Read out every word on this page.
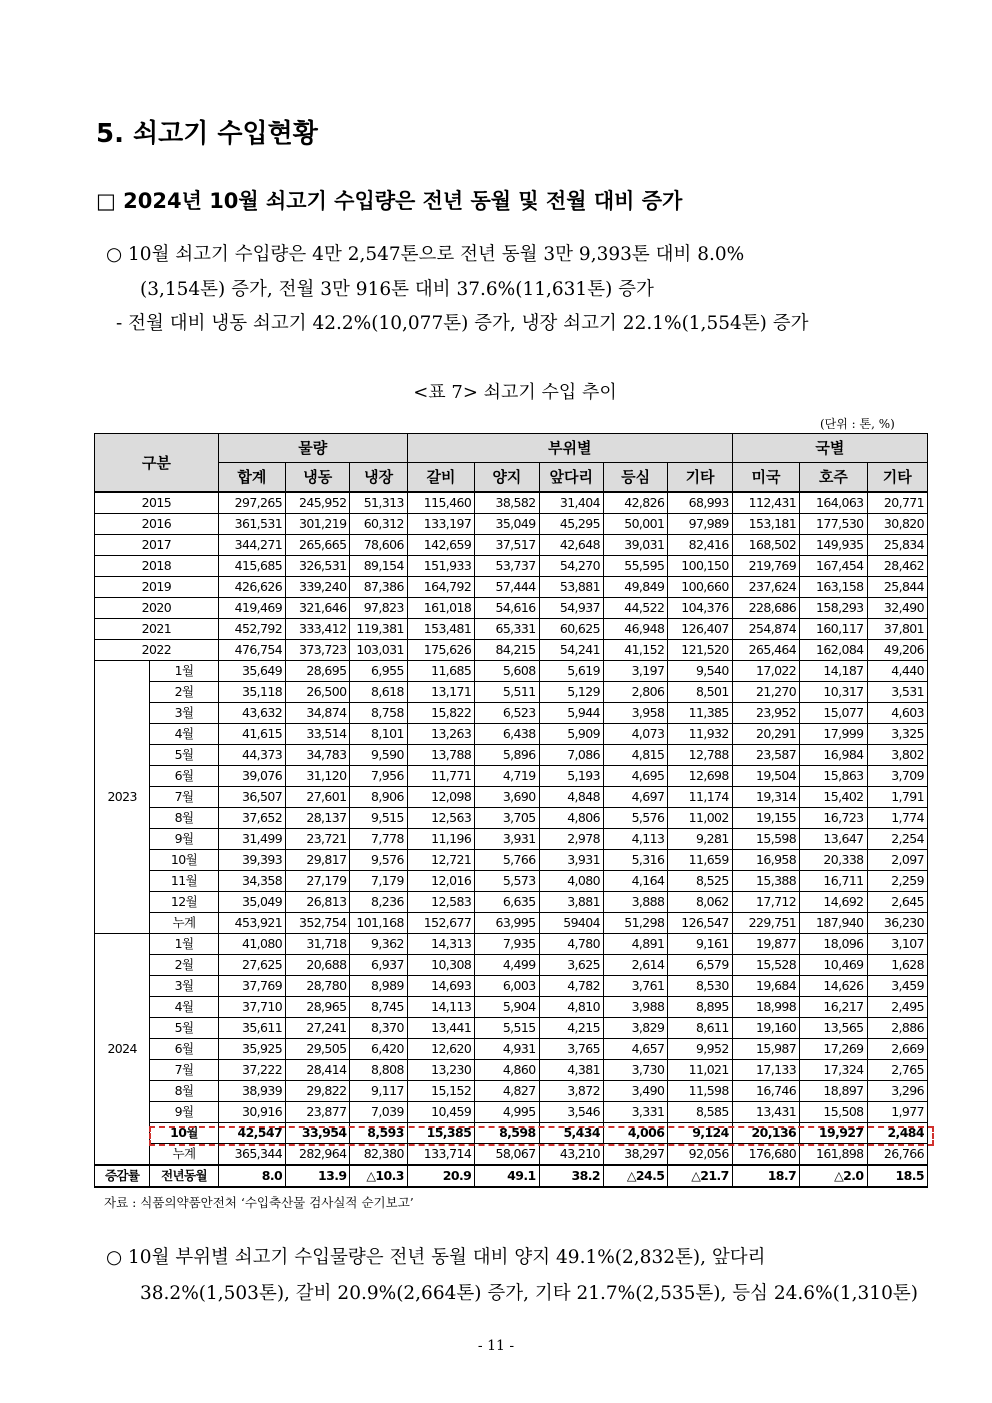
5. 쇠고기 수입현황
□ 2024년 10월 쇠고기 수입량은 전년 동월 및 전월 대비 증가
○ 10월 쇠고기 수입량은 4만 2,547톤으로 전년 동월 3만 9,393톤 대비 8.0%
(3,154톤) 증가, 전월 3만 916톤 대비 37.6%(11,631톤) 증가
- 전월 대비 냉동 쇠고기 42.2%(10,077톤) 증가, 냉장 쇠고기 22.1%(1,554톤) 증가
<표 7> 쇠고기 수입 추이
(단위 : 톤, %)
구분		물량			부위별					국별		
		합계	냉동	냉장	갈비	양지	앞다리	등심	기타	미국	호주	기타
2015		297,265	245,952	51,313	115,460	38,582	31,404	42,826	68,993	112,431	164,063	20,771
2016		361,531	301,219	60,312	133,197	35,049	45,295	50,001	97,989	153,181	177,530	30,820
2017		344,271	265,665	78,606	142,659	37,517	42,648	39,031	82,416	168,502	149,935	25,834
2018		415,685	326,531	89,154	151,933	53,737	54,270	55,595	100,150	219,769	167,454	28,462
2019		426,626	339,240	87,386	164,792	57,444	53,881	49,849	100,660	237,624	163,158	25,844
2020		419,469	321,646	97,823	161,018	54,616	54,937	44,522	104,376	228,686	158,293	32,490
2021		452,792	333,412	119,381	153,481	65,331	60,625	46,948	126,407	254,874	160,117	37,801
2022		476,754	373,723	103,031	175,626	84,215	54,241	41,152	121,520	265,464	162,084	49,206
2023	1월	35,649	28,695	6,955	11,685	5,608	5,619	3,197	9,540	17,022	14,187	4,440
	2월	35,118	26,500	8,618	13,171	5,511	5,129	2,806	8,501	21,270	10,317	3,531
	3월	43,632	34,874	8,758	15,822	6,523	5,944	3,958	11,385	23,952	15,077	4,603
	4월	41,615	33,514	8,101	13,263	6,438	5,909	4,073	11,932	20,291	17,999	3,325
	5월	44,373	34,783	9,590	13,788	5,896	7,086	4,815	12,788	23,587	16,984	3,802
	6월	39,076	31,120	7,956	11,771	4,719	5,193	4,695	12,698	19,504	15,863	3,709
	7월	36,507	27,601	8,906	12,098	3,690	4,848	4,697	11,174	19,314	15,402	1,791
	8월	37,652	28,137	9,515	12,563	3,705	4,806	5,576	11,002	19,155	16,723	1,774
	9월	31,499	23,721	7,778	11,196	3,931	2,978	4,113	9,281	15,598	13,647	2,254
	10월	39,393	29,817	9,576	12,721	5,766	3,931	5,316	11,659	16,958	20,338	2,097
	11월	34,358	27,179	7,179	12,016	5,573	4,080	4,164	8,525	15,388	16,711	2,259
	12월	35,049	26,813	8,236	12,583	6,635	3,881	3,888	8,062	17,712	14,692	2,645
	누계	453,921	352,754	101,168	152,677	63,995	59404	51,298	126,547	229,751	187,940	36,230
2024	1월	41,080	31,718	9,362	14,313	7,935	4,780	4,891	9,161	19,877	18,096	3,107
	2월	27,625	20,688	6,937	10,308	4,499	3,625	2,614	6,579	15,528	10,469	1,628
	3월	37,769	28,780	8,989	14,693	6,003	4,782	3,761	8,530	19,684	14,626	3,459
	4월	37,710	28,965	8,745	14,113	5,904	4,810	3,988	8,895	18,998	16,217	2,495
	5월	35,611	27,241	8,370	13,441	5,515	4,215	3,829	8,611	19,160	13,565	2,886
	6월	35,925	29,505	6,420	12,620	4,931	3,765	4,657	9,952	15,987	17,269	2,669
	7월	37,222	28,414	8,808	13,230	4,860	4,381	3,730	11,021	17,133	17,324	2,765
	8월	38,939	29,822	9,117	15,152	4,827	3,872	3,490	11,598	16,746	18,897	3,296
	9월	30,916	23,877	7,039	10,459	4,995	3,546	3,331	8,585	13,431	15,508	1,977
	10월	42,547	33,954	8,593	15,385	8,598	5,434	4,006	9,124	20,136	19,927	2,484
	누계	365,344	282,964	82,380	133,714	58,067	43,210	38,297	92,056	176,680	161,898	26,766
증감률	전년동월	8.0	13.9	△10.3	20.9	49.1	38.2	△24.5	△21.7	18.7	△2.0	18.5
자료 : 식품의약품안전처 ‘수입축산물 검사실적 순기보고’
○ 10월 부위별 쇠고기 수입물량은 전년 동월 대비 양지 49.1%(2,832톤), 앞다리
38.2%(1,503톤), 갈비 20.9%(2,664톤) 증가, 기타 21.7%(2,535톤), 등심 24.6%(1,310톤)
- 11 -
